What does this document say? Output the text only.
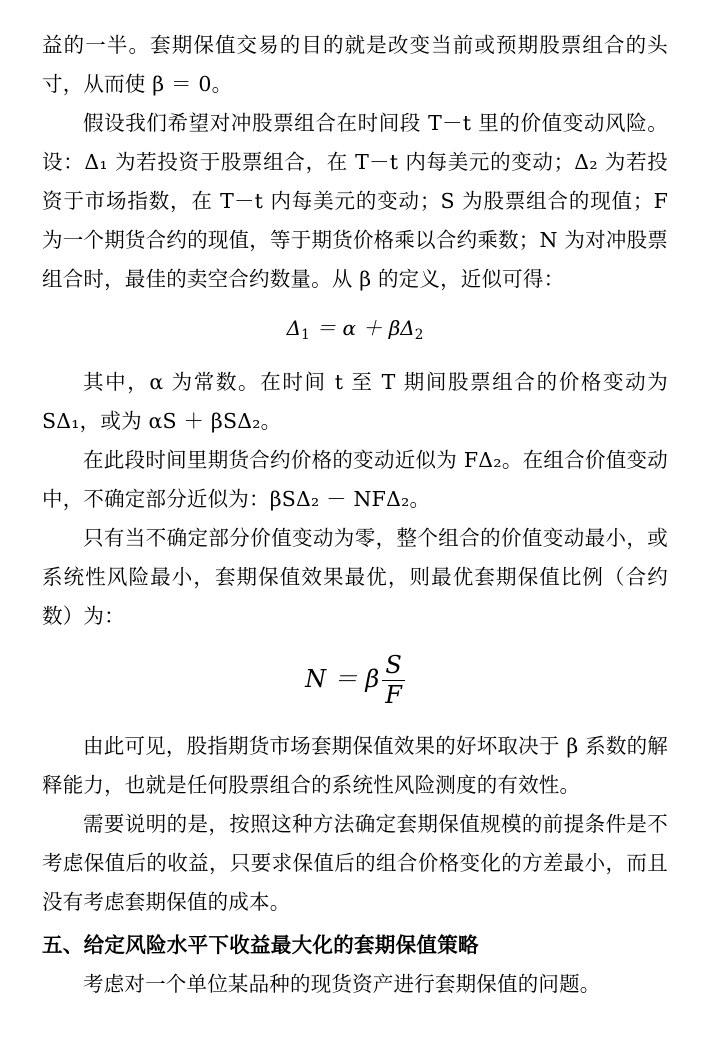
益的一半。套期保值交易的目的就是改变当前或预期股票组合的头寸，从而使 β ＝ 0。

假设我们希望对冲股票组合在时间段 T－t 里的价值变动风险。设：Δ₁ 为若投资于股票组合，在 T－t 内每美元的变动；Δ₂ 为若投资于市场指数，在 T－t 内每美元的变动；S 为股票组合的现值；F 为一个期货合约的现值，等于期货价格乘以合约乘数；N 为对冲股票组合时，最佳的卖空合约数量。从 β 的定义，近似可得：

$\Delta_1 = \alpha + \beta\Delta_2$

其中，α 为常数。在时间 t 至 T 期间股票组合的价格变动为 SΔ₁，或为 αS ＋ βSΔ₂。

在此段时间里期货合约价格的变动近似为 FΔ₂。在组合价值变动中，不确定部分近似为：βSΔ₂ － NFΔ₂。

只有当不确定部分价值变动为零，整个组合的价值变动最小，或系统性风险最小，套期保值效果最优，则最优套期保值比例（合约数）为：

N ＝ β $\frac{S}{F}$

由此可见，股指期货市场套期保值效果的好坏取决于 β 系数的解释能力，也就是任何股票组合的系统性风险测度的有效性。

需要说明的是，按照这种方法确定套期保值规模的前提条件是不考虑保值后的收益，只要求保值后的组合价格变化的方差最小，而且没有考虑套期保值的成本。

五、给定风险水平下收益最大化的套期保值策略

考虑对一个单位某品种的现货资产进行套期保值的问题。
